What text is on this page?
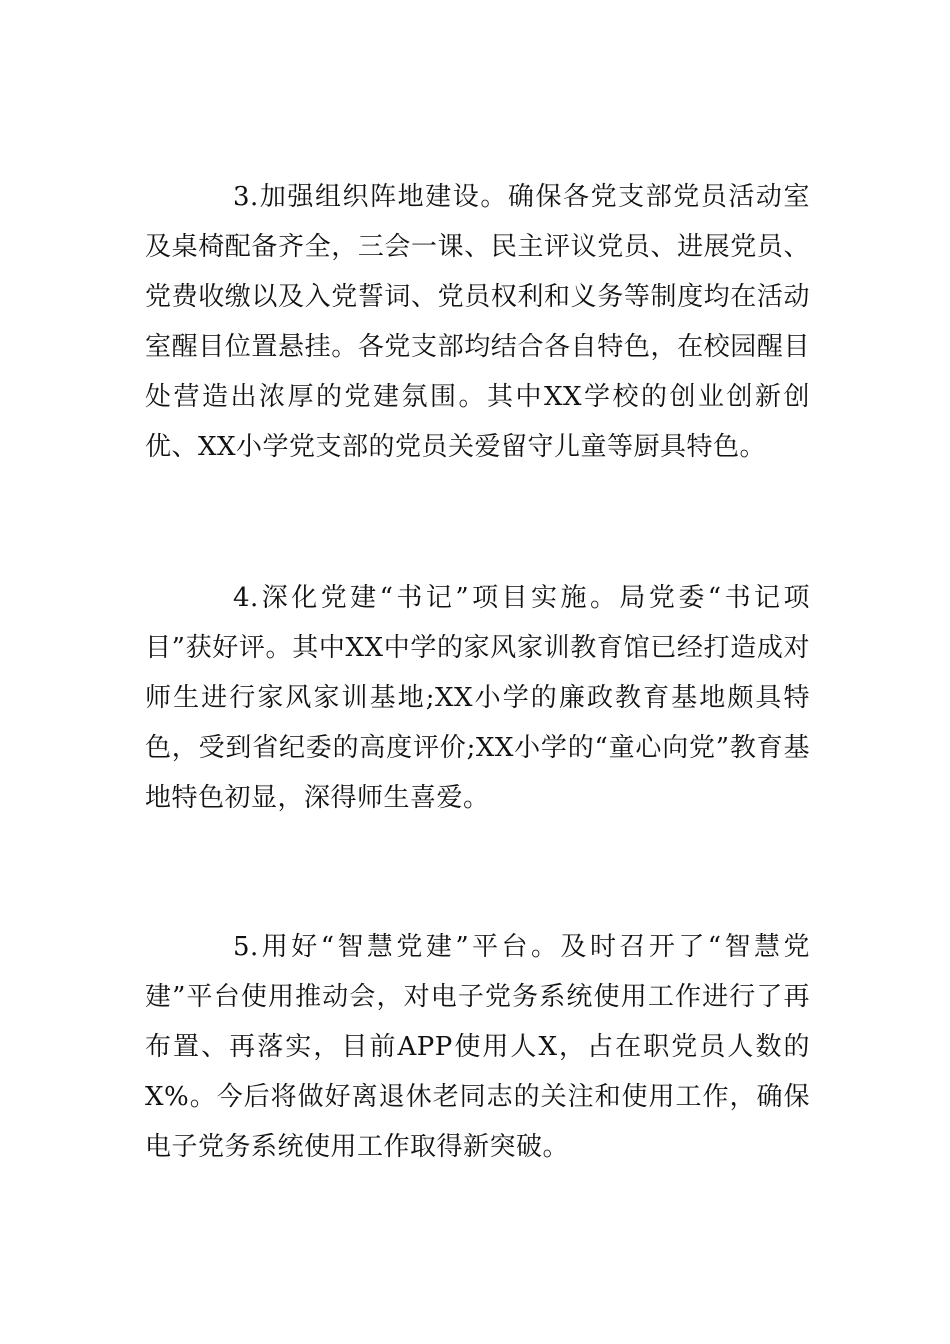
3.加强组织阵地建设。确保各党支部党员活动室及桌椅配备齐全，三会一课、民主评议党员、进展党员、党费收缴以及入党誓词、党员权利和义务等制度均在活动室醒目位置悬挂。各党支部均结合各自特色，在校园醒目处营造出浓厚的党建氛围。其中XX学校的创业创新创优、XX小学党支部的党员关爱留守儿童等厨具特色。

4.深化党建“书记”项目实施。局党委“书记项目”获好评。其中XX中学的家风家训教育馆已经打造成对师生进行家风家训基地;XX小学的廉政教育基地颇具特色，受到省纪委的高度评价;XX小学的“童心向党”教育基地特色初显，深得师生喜爱。

5.用好“智慧党建”平台。及时召开了“智慧党建”平台使用推动会，对电子党务系统使用工作进行了再布置、再落实，目前APP使用人X，占在职党员人数的X%。今后将做好离退休老同志的关注和使用工作，确保电子党务系统使用工作取得新突破。
